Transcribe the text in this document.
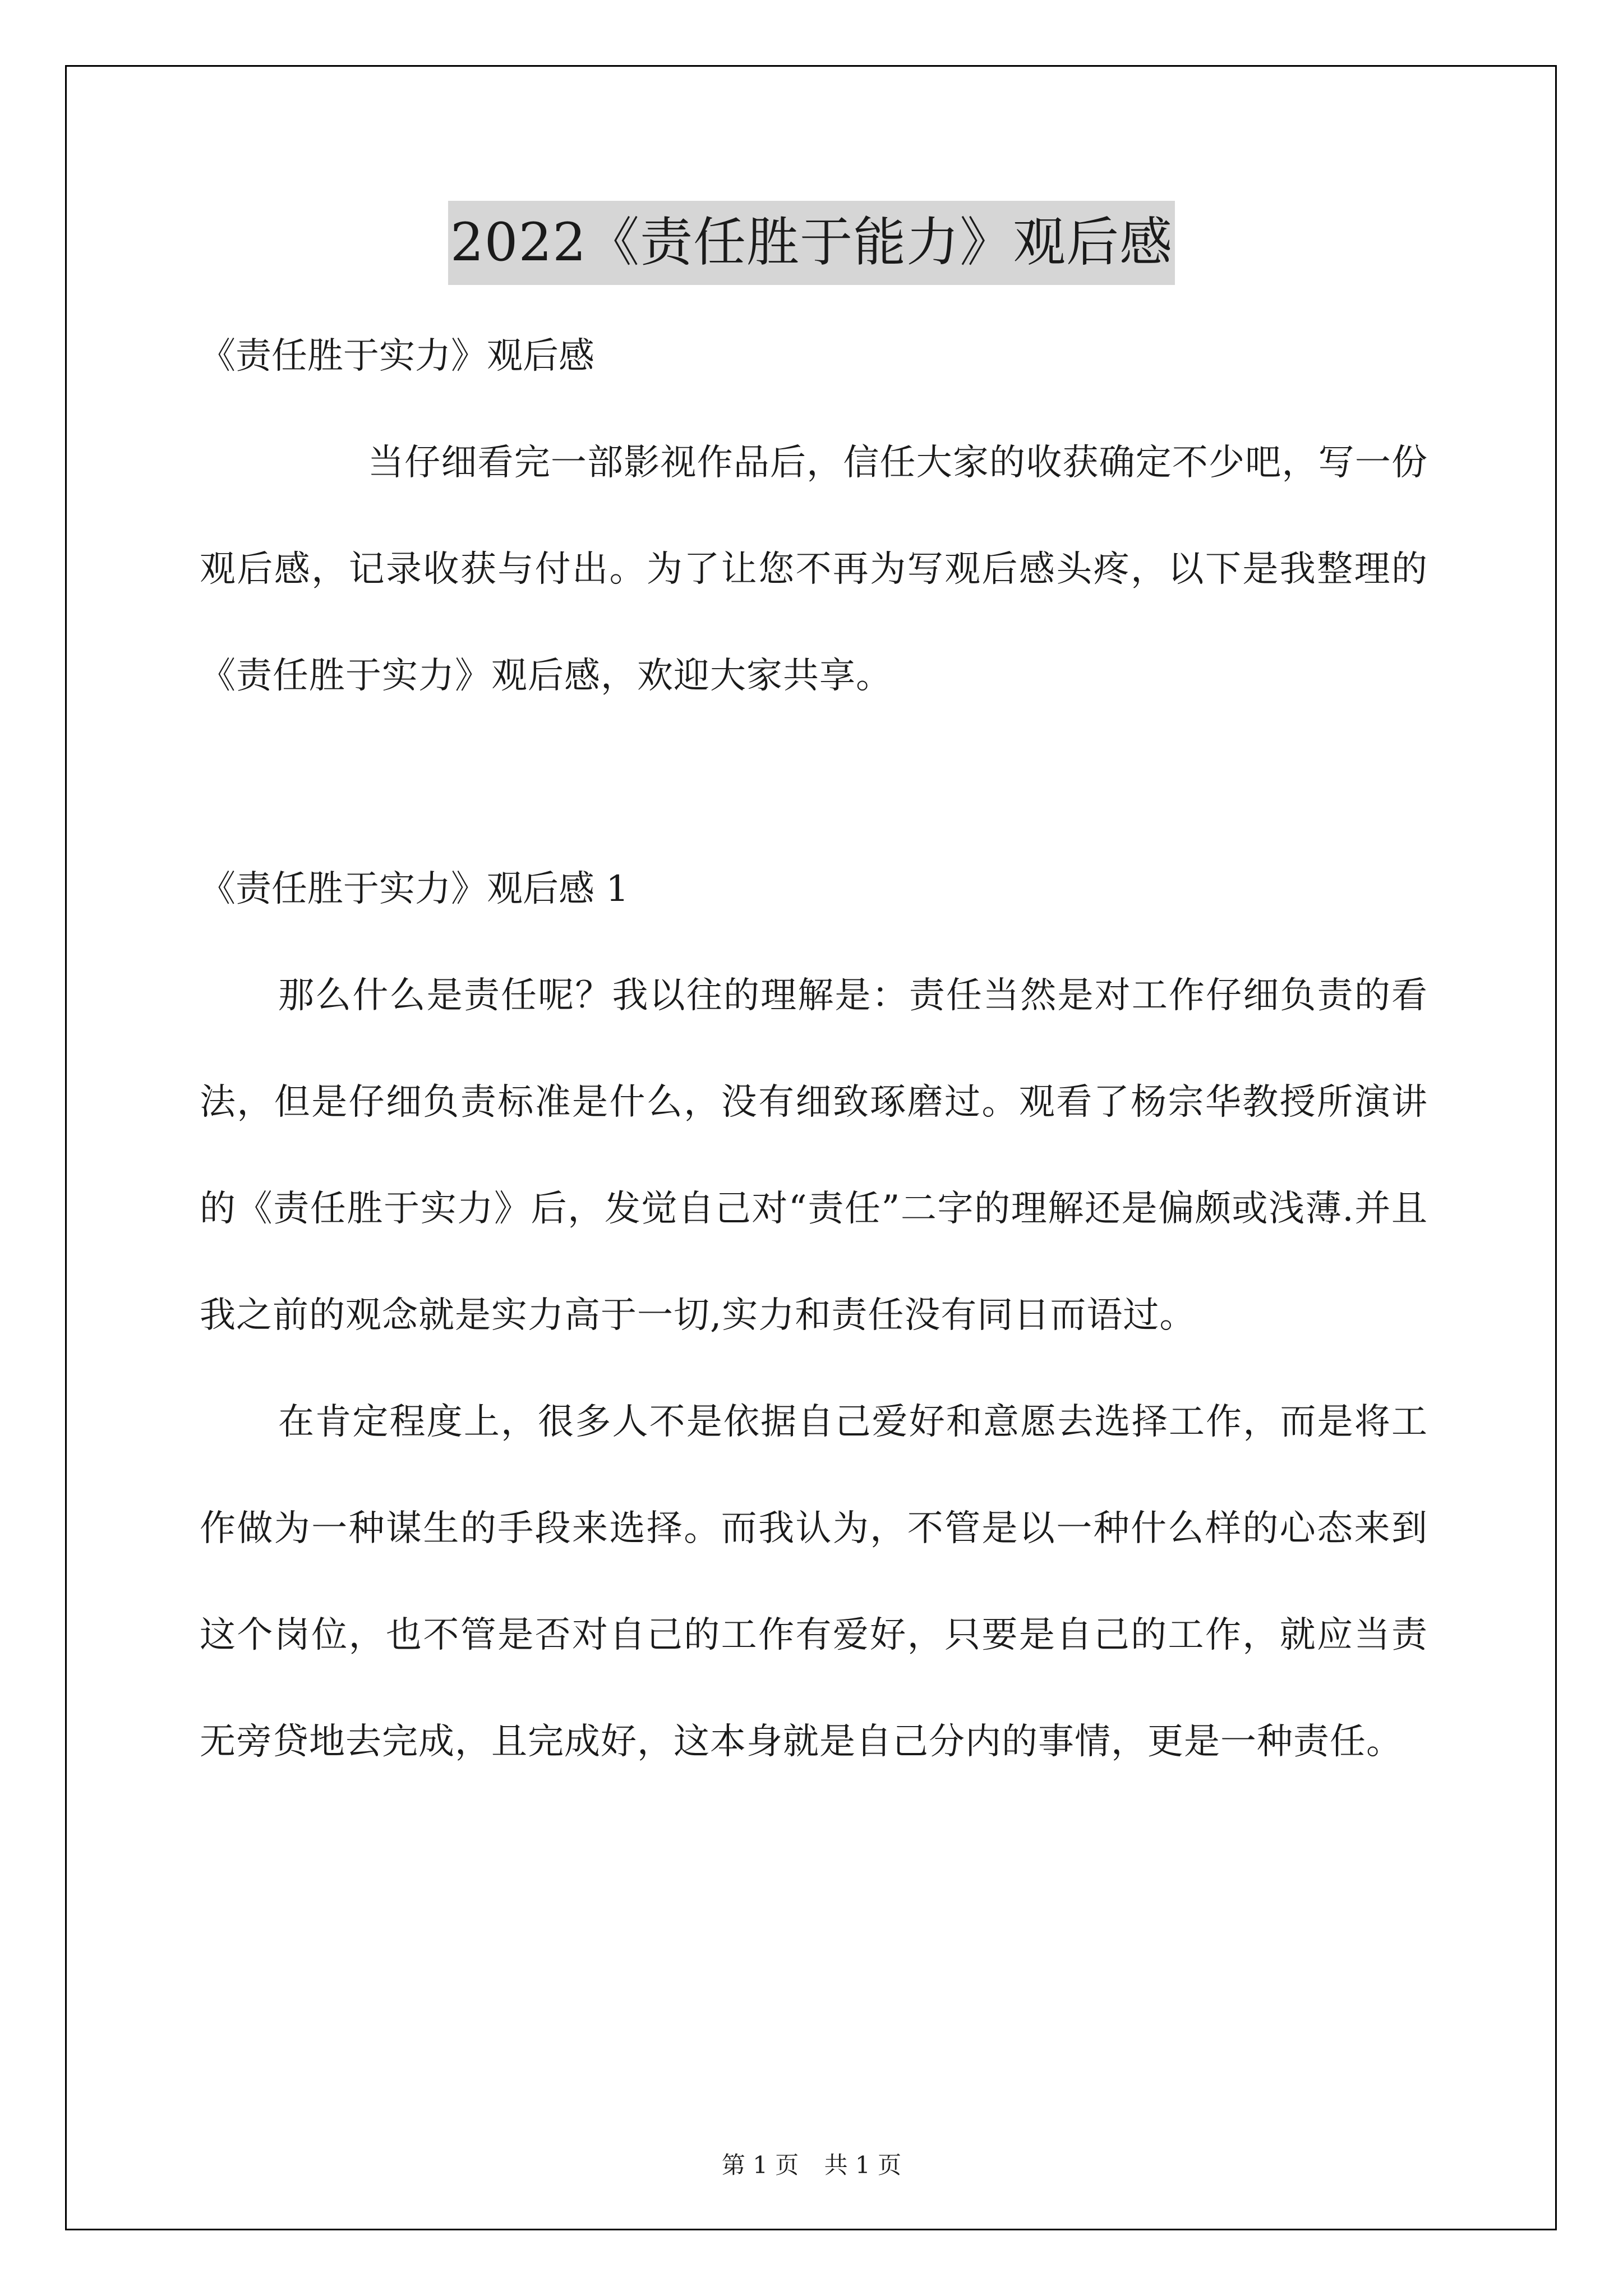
2022《责任胜于能力》观后感

《责任胜于实力》观后感

当仔细看完一部影视作品后，信任大家的收获确定不少吧，写一份观后感，记录收获与付出。为了让您不再为写观后感头疼，以下是我整理的《责任胜于实力》观后感，欢迎大家共享。

《责任胜于实力》观后感 1

那么什么是责任呢？我以往的理解是：责任当然是对工作仔细负责的看法，但是仔细负责标准是什么，没有细致琢磨过。观看了杨宗华教授所演讲的《责任胜于实力》后，发觉自己对“责任”二字的理解还是偏颇或浅薄.并且我之前的观念就是实力高于一切,实力和责任没有同日而语过。

在肯定程度上，很多人不是依据自己爱好和意愿去选择工作，而是将工作做为一种谋生的手段来选择。而我认为，不管是以一种什么样的心态来到这个岗位，也不管是否对自己的工作有爱好，只要是自己的工作，就应当责无旁贷地去完成，且完成好，这本身就是自己分内的事情，更是一种责任。

第 1 页 共 1 页
